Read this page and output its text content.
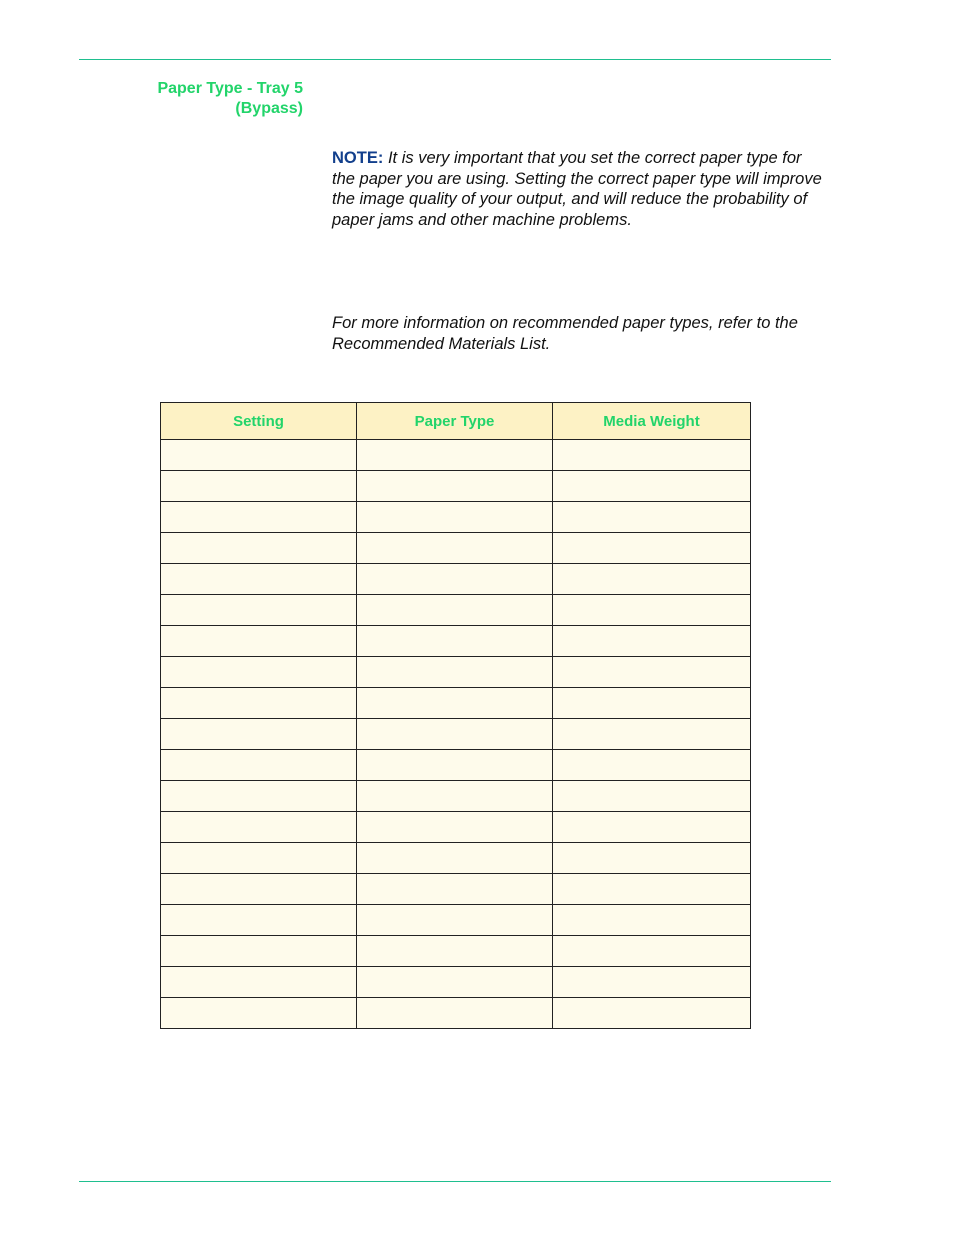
Paper Type - Tray 5
(Bypass)

NOTE: It is very important that you set the correct paper type for the paper you are using. Setting the correct paper type will improve the image quality of your output, and will reduce the probability of paper jams and other machine problems.

For more information on recommended paper types, refer to the Recommended Materials List.

Setting	Paper Type	Media Weight
